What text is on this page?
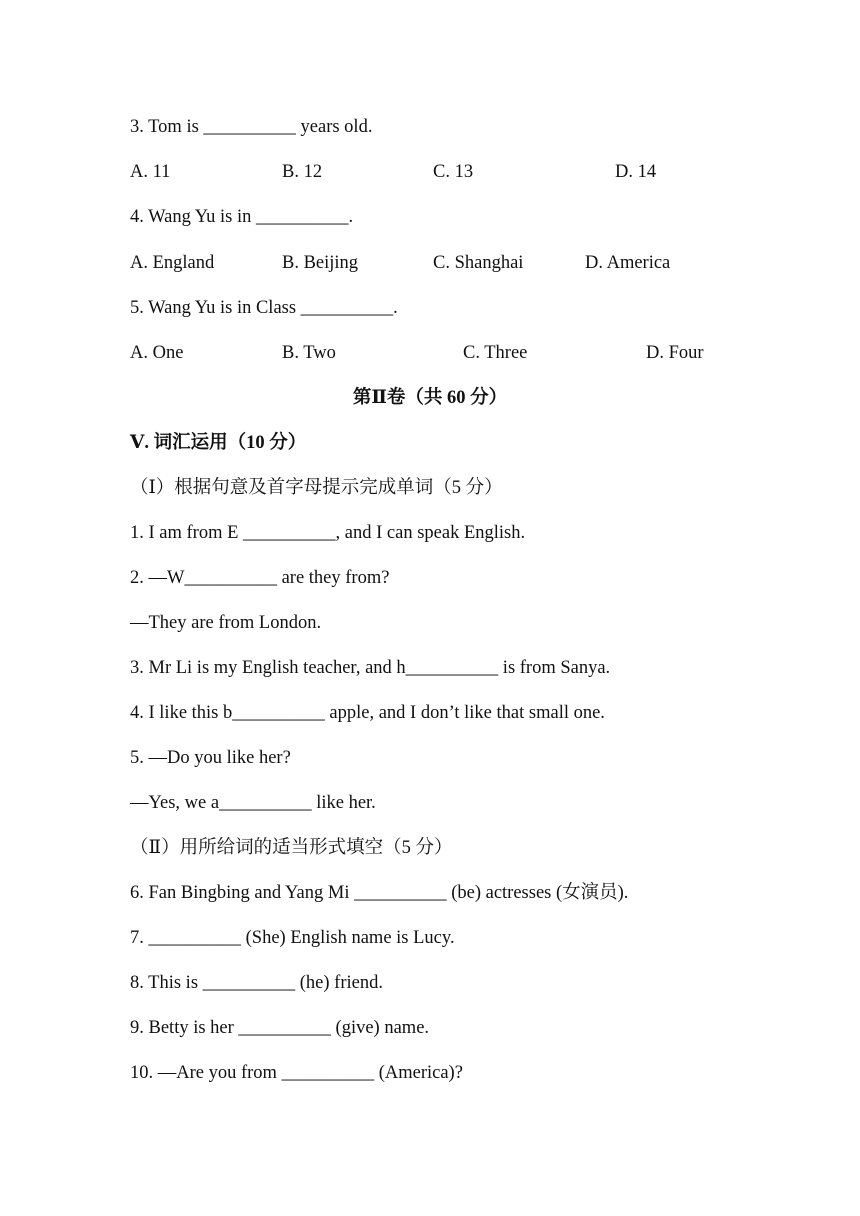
3. Tom is __________ years old.
A. 11	B. 12	C. 13	D. 14
4. Wang Yu is in __________.
A. England	B. Beijing	C. Shanghai	D. America
5. Wang Yu is in Class __________.
A. One	B. Two	C. Three	D. Four
第Ⅱ卷（共 60 分）
Ⅴ. 词汇运用（10 分）
（Ⅰ）根据句意及首字母提示完成单词（5 分）
1. I am from E __________, and I can speak English.
2. —W__________ are they from?
—They are from London.
3. Mr Li is my English teacher, and h__________ is from Sanya.
4. I like this b__________ apple, and I don’t like that small one.
5. —Do you like her?
—Yes, we a__________ like her.
（Ⅱ）用所给词的适当形式填空（5 分）
6. Fan Bingbing and Yang Mi __________ (be) actresses (女演员).
7. __________ (She) English name is Lucy.
8. This is __________ (he) friend.
9. Betty is her __________ (give) name.
10. —Are you from __________ (America)?
